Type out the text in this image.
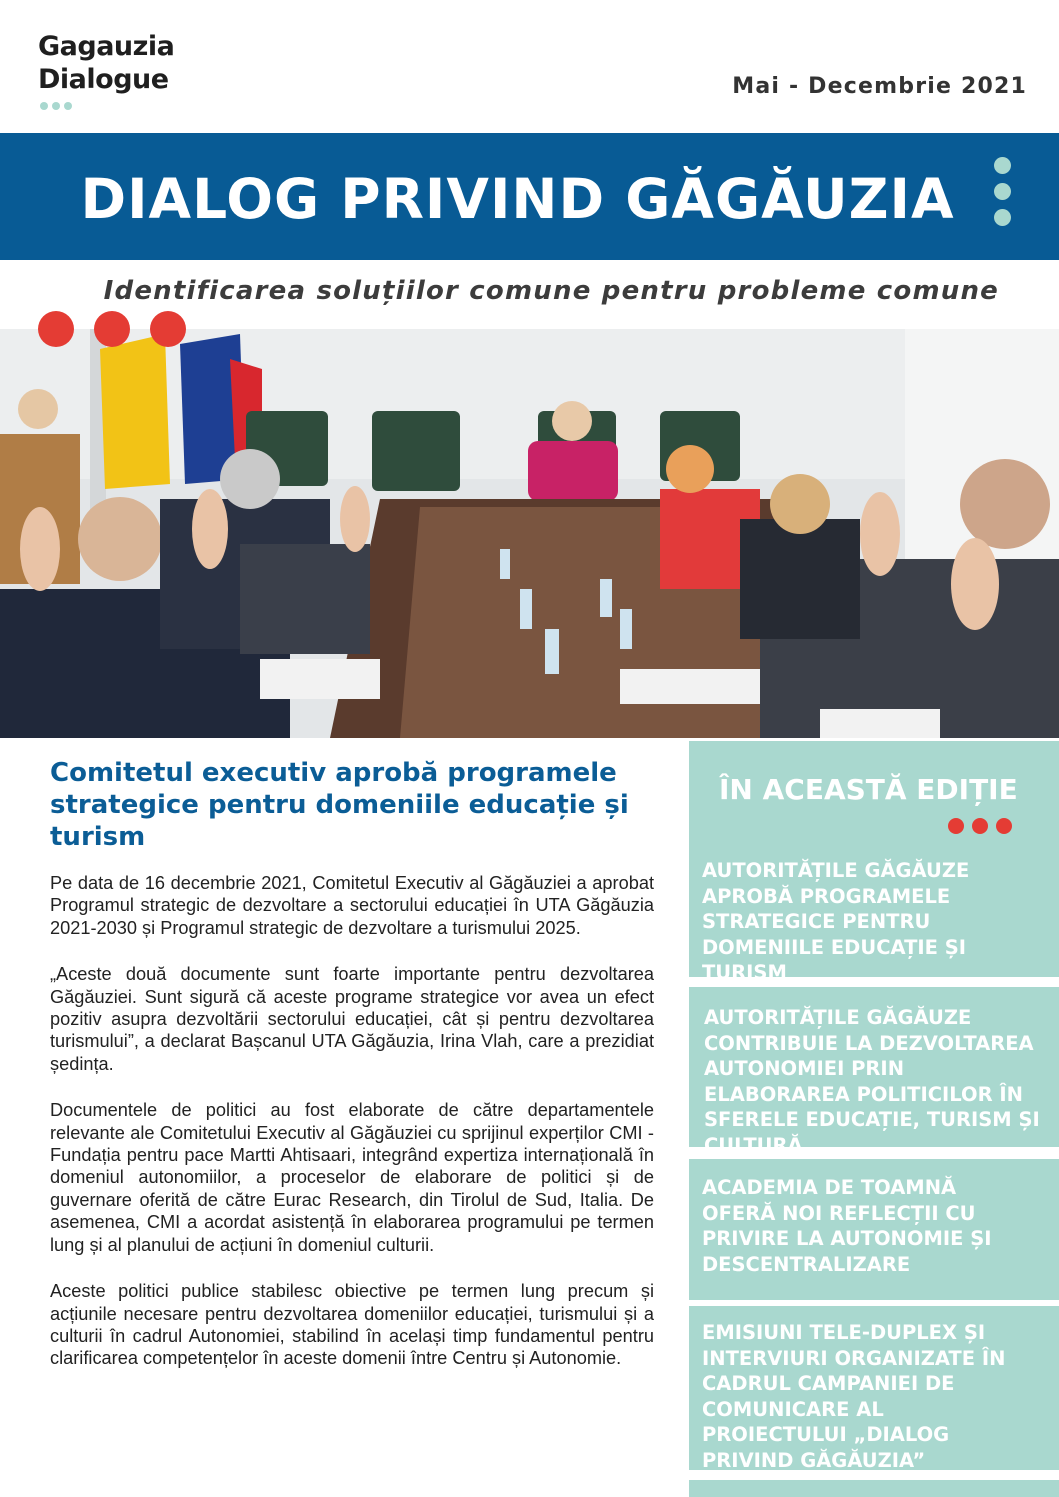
Gagauzia
Dialogue	Mai - Decembrie 2021
DIALOG PRIVIND GĂGĂUZIA
Identificarea soluțiilor comune pentru probleme comune
Comitetul executiv aprobă programele strategice pentru domeniile educație și turism

Pe data de 16 decembrie 2021, Comitetul Executiv al Găgăuziei a aprobat Programul strategic de dezvoltare a sectorului educației în UTA Găgăuzia 2021-2030 și Programul strategic de dezvoltare a turismului 2025.

„Aceste două documente sunt foarte importante pentru dezvoltarea Găgăuziei. Sunt sigură că aceste programe strategice vor avea un efect pozitiv asupra dezvoltării sectorului educației, cât și pentru dezvoltarea turismului”, a declarat Bașcanul UTA Găgăuzia, Irina Vlah, care a prezidiat ședința.

Documentele de politici au fost elaborate de către departamentele relevante ale Comitetului Executiv al Găgăuziei cu sprijinul experților CMI - Fundația pentru pace Martti Ahtisaari, integrând expertiza internațională în domeniul autonomiilor, a proceselor de elaborare de politici și de guvernare oferită de către Eurac Research, din Tirolul de Sud, Italia. De asemenea, CMI a acordat asistență în elaborarea programului pe termen lung și al planului de acțiuni în domeniul culturii.

Aceste politici publice stabilesc obiective pe termen lung precum și acțiunile necesare pentru dezvoltarea domeniilor educației, turismului și a culturii în cadrul Autonomiei, stabilind în același timp fundamentul pentru clarificarea competențelor în aceste domenii între Centru și Autonomie.

ÎN ACEASTĂ EDIȚIE
AUTORITĂȚILE GĂGĂUZE APROBĂ PROGRAMELE STRATEGICE PENTRU DOMENIILE EDUCAȚIE ȘI TURISM
AUTORITĂȚILE GĂGĂUZE CONTRIBUIE LA DEZVOLTAREA AUTONOMIEI PRIN ELABORAREA POLITICILOR ÎN SFERELE EDUCAȚIE, TURISM ȘI CULTURĂ
ACADEMIA DE TOAMNĂ OFERĂ NOI REFLECȚII CU PRIVIRE LA AUTONOMIE ȘI DESCENTRALIZARE
EMISIUNI TELE-DUPLEX ȘI INTERVIURI ORGANIZATE ÎN CADRUL CAMPANIEI DE COMUNICARE AL PROIECTULUI „DIALOG PRIVIND GĂGĂUZIA”
